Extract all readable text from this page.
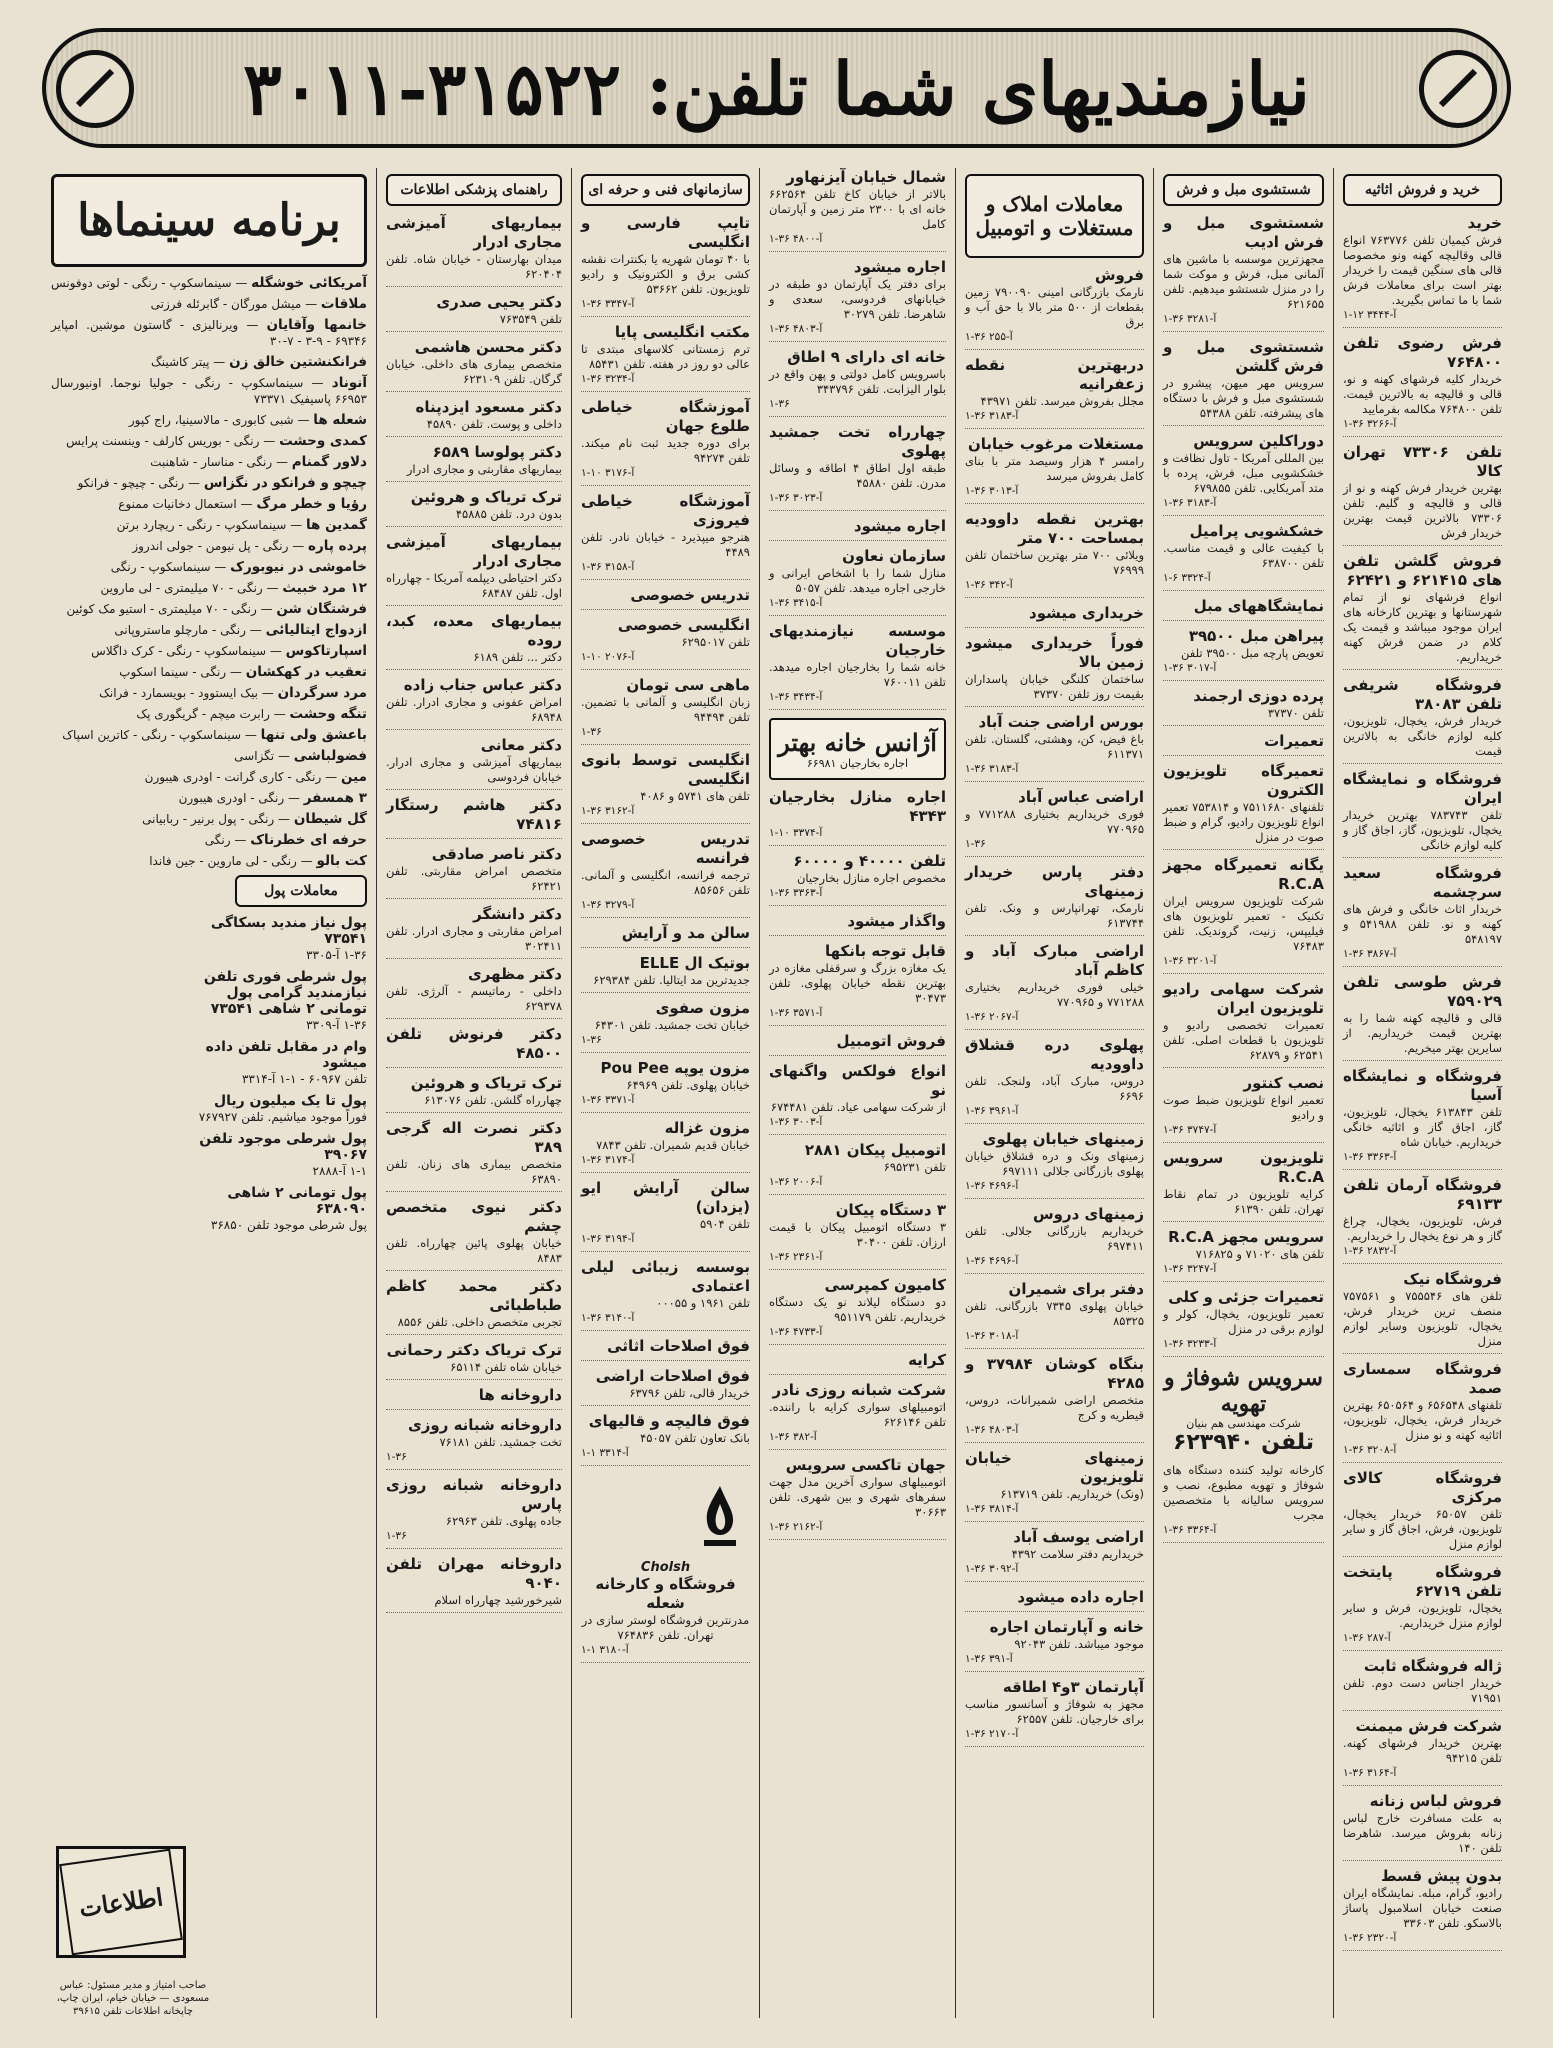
نیازمندیهای شما تلفن: ۳۱۵۲۲-۳۰۱۱
خرید و فروش اثاثیه
خرید
فرش کیمیان تلفن ۷۶۳۷۷۶ انواع قالی وقالیچه کهنه ونو مخصوصا قالی های سنگین قیمت را خریدار بهتر است برای معاملات فرش شما با ما تماس بگیرید.
۱-۱۲ آ-۳۴۴۴
فرش رضوی تلفن ۷۶۴۸۰۰
خریدار کلیه فرشهای کهنه و نو، قالی و قالیچه به بالاترین قیمت. تلفن ۷۶۴۸۰۰ مکالمه بفرمایید
۱-۳۶ آ-۳۲۶۶
تلفن ۷۳۳۰۶ تهران کالا
بهترین خریدار فرش کهنه و نو از قالی و قالیچه و گلیم. تلفن ۷۳۳۰۶ بالاترین قیمت بهترین خریدار فرش
فروش گلشن تلفن های ۶۲۱۴۱۵ و ۶۲۴۲۱
انواع فرشهای نو از تمام شهرستانها و بهترین کارخانه های ایران موجود میباشد و قیمت یک کلام در ضمن فرش کهنه خریداریم.
فروشگاه شریفی تلفن ۳۸۰۸۳
خریدار فرش، یخچال، تلویزیون، کلیه لوازم خانگی به بالاترین قیمت
فروشگاه و نمایشگاه ایران
تلفن ۷۸۳۷۴۳ بهترین خریدار یخچال، تلویزیون، گاز، اجاق گاز و کلیه لوازم خانگی
فروشگاه سعید سرچشمه
خریدار اثاث خانگی و فرش های کهنه و نو. تلفن ۵۴۱۹۸۸ و ۵۴۸۱۹۷
۱-۳۶ آ-۳۸۶۷
فرش طوسی تلفن ۷۵۹۰۲۹
قالی و قالیچه کهنه شما را به بهترین قیمت خریداریم. از سایرین بهتر میخریم.
فروشگاه و نمایشگاه آسیا
تلفن ۶۱۳۸۴۳ یخچال، تلویزیون، گاز، اجاق گاز و اثاثیه خانگی خریداریم. خیابان شاه
۱-۳۶ آ-۳۳۶۳
فروشگاه آرمان تلفن ۶۹۱۳۳
فرش، تلویزیون، یخچال، چراغ گاز و هر نوع یخچال را خریداریم.
۱-۳۶ آ-۲۸۳۲
فروشگاه نیک
تلفن های ۷۵۵۵۴۶ و ۷۵۷۵۶۱ منصف ترین خریدار فرش، یخچال، تلویزیون وسایر لوازم منزل
فروشگاه سمساری صمد
تلفنهای ۶۵۶۵۴۸ و ۶۵۰۵۶۴ بهترین خریدار فرش، یخچال، تلویزیون، اثاثیه کهنه و نو منزل
۱-۳۶ آ-۳۲۰۸
فروشگاه کالای مرکزی
تلفن ۶۵۰۵۷ خریدار یخچال، تلویزیون، فرش، اجاق گاز و سایر لوازم منزل
فروشگاه پایتخت تلفن ۶۲۷۱۹
یخچال، تلویزیون، فرش و سایر لوازم منزل خریداریم.
۱-۳۶ آ-۲۸۷
ژاله فروشگاه ثابت
خریدار اجناس دست دوم. تلفن ۷۱۹۵۱
شرکت فرش میمنت
بهترین خریدار فرشهای کهنه. تلفن ۹۴۲۱۵
۱-۳۶ آ-۳۱۶۴
فروش لباس زنانه
به علت مسافرت خارج لباس زنانه بفروش میرسد. شاهرضا تلفن ۱۴۰
بدون پیش قسط
رادیو، گرام، مبله. نمایشگاه ایران صنعت خیابان اسلامبول پاساژ بالاسکو. تلفن ۳۳۶۰۳
۱-۳۶ آ-۲۳۲۰
شستشوی مبل و فرش
شستشوی مبل و فرش ادیب
مجهزترین موسسه با ماشین های آلمانی مبل، فرش و موکت شما را در منزل شستشو میدهیم. تلفن ۶۲۱۶۵۵
۱-۳۶ آ-۳۲۸۱
شستشوی مبل و فرش گلشن
سرویس مهر میهن، پیشرو در شستشوی مبل و فرش با دستگاه های پیشرفته. تلفن ۵۴۳۸۸
دوراکلین سرویس
بین المللی آمریکا - تاول نظافت و خشکشویی مبل، فرش، پرده با متد آمریکایی. تلفن ۶۷۹۸۵۵
۱-۳۶ آ-۳۱۸۳
خشکشویی پرامیل
با کیفیت عالی و قیمت مناسب. تلفن ۶۳۸۷۰۰
۱-۶ آ-۳۳۲۴
نمایشگاههای مبل
پیراهن مبل ۳۹۵۰۰
تعویض پارچه مبل ۳۹۵۰۰ تلفن
۱-۳۶ آ-۳۰۱۷
پرده دوزی ارجمند
تلفن ۳۷۳۷۰
تعمیرات
تعمیرگاه تلویزیون الکترون
تلفنهای ۷۵۱۱۶۸۰ و ۷۵۳۸۱۴ تعمیر انواع تلویزیون رادیو، گرام و ضبط صوت در منزل
یگانه تعمیرگاه مجهز R.C.A
شرکت تلویزیون سرویس ایران تکنیک - تعمیر تلویزیون های فیلیپس، زنیت، گروندیک. تلفن ۷۶۴۸۳
۱-۳۶ آ-۳۲۰۱
شرکت سهامی رادیو تلویزیون ایران
تعمیرات تخصصی رادیو و تلویزیون با قطعات اصلی. تلفن ۶۲۵۴۱ و ۶۲۸۷۹
نصب کنتور
تعمیر انواع تلویزیون ضبط صوت و رادیو
۱-۳۶ آ-۳۷۴۷
تلویزیون سرویس R.C.A
کرایه تلویزیون در تمام نقاط تهران. تلفن ۶۱۳۹۰
سرویس مجهز R.C.A
تلفن های ۷۱۰۲۰ و ۷۱۶۸۲۵
۱-۳۶ آ-۳۲۴۷
تعمیرات جزئی و کلی
تعمیر تلویزیون، یخچال، کولر و لوازم برقی در منزل
۱-۳۶ آ-۳۲۳۳
سرویس شوفاژ و تهویه
شرکت مهندسی هم بنیان
تلفن ۶۲۳۹۴۰
کارخانه تولید کننده دستگاه های شوفاژ و تهویه مطبوع، نصب و سرویس سالیانه با متخصصین مجرب
۱-۳۶ آ-۳۳۶۴
معاملات املاک و مستغلات و اتومبیل
فروش
نارمک بازرگانی امینی ۷۹۰۰۹۰ زمین بقطعات از ۵۰۰ متر بالا با حق آب و برق
۱-۳۶ آ-۲۵۵
دربهترین نقطه زعفرانیه
مجلل بفروش میرسد. تلفن ۴۳۹۷۱
۱-۳۶ آ-۳۱۸۳
مستغلات مرغوب خیابان
رامسر ۴ هزار وسیصد متر با بنای کامل بفروش میرسد
۱-۳۶ آ-۳۰۱۳
بهترین نقطه داوودیه بمساحت ۷۰۰ متر
ویلائی ۷۰۰ متر بهترین ساختمان تلفن ۷۶۹۹۹
۱-۳۶ آ-۳۴۲
خریداری میشود
فوراً خریداری میشود زمین بالا
ساختمان کلنگی خیابان پاسداران بقیمت روز تلفن ۳۷۳۷۰
بورس اراضی جنت آباد
باغ فیض، کن، وهشتی، گلستان. تلفن ۶۱۱۳۷۱
۱-۳۶ آ-۳۱۸۳
اراضی عباس آباد
فوری خریداریم بختیاری ۷۷۱۲۸۸ و ۷۷۰۹۶۵
۱-۳۶
دفتر پارس خریدار زمینهای
نارمک، تهرانپارس و ونک. تلفن ۶۱۳۷۴۴
اراضی مبارک آباد و کاظم آباد
خیلی فوری خریداریم بختیاری ۷۷۱۲۸۸ و ۷۷۰۹۶۵
۱-۳۶ آ-۲۰۶۷
پهلوی دره قشلاق داوودیه
دروس، مبارک آباد، ولنجک. تلفن ۶۶۹۶
۱-۳۶ آ-۳۹۶۱
زمینهای خیابان پهلوی
زمینهای ونک و دره قشلاق خیابان پهلوی بازرگانی جلالی ۶۹۷۱۱۱
۱-۳۶ آ-۴۶۹۶
زمینهای دروس
خریداریم بازرگانی جلالی. تلفن ۶۹۷۴۱۱
۱-۳۶ آ-۴۶۹۶
دفتر برای شمیران
خیابان پهلوی ۷۳۴۵ بازرگانی. تلفن ۸۵۳۲۵
۱-۳۶ آ-۳۰۱۸
بنگاه کوشان ۳۷۹۸۴ و ۴۲۸۵
متخصص اراضی شمیرانات، دروس، قیطریه و کرج
۱-۳۶ آ-۴۸۰۳
زمینهای خیابان تلویزیون
(ونک) خریداریم. تلفن ۶۱۳۷۱۹
۱-۳۶ آ-۳۸۱۴
اراضی یوسف آباد
خریداریم دفتر سلامت ۴۳۹۲
۱-۳۶ آ-۳۰۹۲
اجاره داده میشود
خانه و آپارتمان اجاره
موجود میباشد. تلفن ۹۲۰۴۳
۱-۳۶ آ-۳۹۱
آپارتمان ۳و۴ اطاقه
مجهز به شوفاژ و آسانسور مناسب برای خارجیان. تلفن ۶۲۵۵۷
۱-۳۶ آ-۲۱۷۰
شمال خیابان آیزنهاور
بالاتر از خیابان کاخ تلفن ۶۶۲۵۶۴ خانه ای با ۲۳۰۰ متر زمین و آپارتمان کامل
۱-۳۶ آ-۴۸۰۰
اجاره میشود
برای دفتر یک آپارتمان دو طبقه در خیابانهای فردوسی، سعدی و شاهرضا. تلفن ۳۰۲۷۹
۱-۳۶ آ-۴۸۰۳
خانه ای دارای ۹ اطاق
باسرویس کامل دولتی و پهن واقع در بلوار الیزابت. تلفن ۳۴۳۷۹۶
۱-۳۶
چهارراه تخت جمشید پهلوی
طبقه اول اطاق ۴ اطاقه و وسائل مدرن. تلفن ۴۵۸۸۰
۱-۳۶ آ-۳۰۲۳
اجاره میشود
سازمان نعاون
منازل شما را با اشخاص ایرانی و خارجی اجاره میدهد. تلفن ۵۰۵۷
۱-۳۶ آ-۳۴۱۵
موسسه نیازمندیهای خارجیان
خانه شما را بخارجیان اجاره میدهد. تلفن ۷۶۰۰۱۱
۱-۳۶ آ-۳۴۳۴
آژانس خانه بهتر
اجاره بخارجیان ۶۶۹۸۱
اجاره منازل بخارجیان ۴۳۴۳
۱-۱۰ آ-۳۳۷۴
تلفن ۴۰۰۰۰ و ۶۰۰۰۰
مخصوص اجاره منازل بخارجیان
۱-۳۶ آ-۳۳۶۳
واگذار میشود
قابل توجه بانکها
یک مغازه بزرگ و سرقفلی مغازه در بهترین نقطه خیابان پهلوی. تلفن ۳۰۴۷۳
۱-۳۶ آ-۳۵۷۱
فروش اتومبیل
انواع فولکس واگنهای نو
از شرکت سهامی عیاد. تلفن ۶۷۴۴۸۱
۱-۳۶ آ-۳۰۰۳
اتومبیل پیکان ۲۸۸۱
تلفن ۶۹۵۲۳۱
۱-۳۶ آ-۲۰۰۶
۳ دستگاه پیکان
۳ دستگاه اتومبیل پیکان با قیمت ارزان. تلفن ۳۰۴۰۰
۱-۳۶ آ-۲۳۶۱
کامیون کمپرسی
دو دستگاه لیلاند نو یک دستگاه خریداریم. تلفن ۹۵۱۱۷۹
۱-۳۶ آ-۴۷۳۳
کرایه
شرکت شبانه روزی نادر
اتومبیلهای سواری کرایه با راننده. تلفن ۶۲۶۱۴۶
۱-۳۶ آ-۳۸۲
جهان تاکسی سرویس
اتومبیلهای سواری آخرین مدل جهت سفرهای شهری و بین شهری. تلفن ۳۰۶۶۳
۱-۳۶ آ-۲۱۶۲
سازمانهای فنی و حرفه ای
تایپ فارسی و انگلیسی
با ۴۰ تومان شهریه یا بکنترات نقشه کشی برق و الکترونیک و رادیو تلویزیون. تلفن ۵۳۶۶۲
۱-۳۶ آ-۳۳۴۷
مکتب انگلیسی پایا
ترم زمستانی کلاسهای مبتدی تا عالی دو روز در هفته. تلفن ۸۵۴۳۱
۱-۳۶ آ-۳۲۳۴
آموزشگاه خیاطی طلوع جهان
برای دوره جدید ثبت نام میکند. تلفن ۹۴۲۷۴
۱-۱۰ آ-۳۱۷۶
آموزشگاه خیاطی فیروزی
هنرجو میپذیرد - خیابان نادر. تلفن ۴۴۸۹
۱-۳۶ آ-۳۱۵۸
تدریس خصوصی
انگلیسی خصوصی
تلفن ۶۲۹۵۰۱۷
۱-۱۰ آ-۲۰۷۶
ماهی سی تومان
زبان انگلیسی و آلمانی با تضمین. تلفن ۹۴۴۹۴
۱-۳۶
انگلیسی توسط بانوی انگلیسی
تلفن های ۵۷۴۱ و ۴۰۸۶
۱-۳۶ آ-۳۱۶۲
تدریس خصوصی فرانسه
ترجمه فرانسه، انگلیسی و آلمانی. تلفن ۸۵۶۵۶
۱-۳۶ آ-۳۲۷۹
سالن مد و آرایش
بوتیک ال ELLE
جدیدترین مد ایتالیا. تلفن ۶۲۹۳۸۴
مزون صفوی
خیابان تخت جمشید. تلفن ۶۴۳۰۱
۱-۳۶
مزون یوپه Pou Pee
خیابان پهلوی. تلفن ۶۴۹۶۹
۱-۳۶ آ-۳۳۷۱
مزون غزاله
خیابان قدیم شمیران. تلفن ۷۸۴۳
۱-۳۶ آ-۳۱۷۴
سالن آرایش ایو (یزدان)
تلفن ۵۹۰۴
۱-۳۶ آ-۳۱۹۴
بوسسه زیبائی لیلی اعتمادی
تلفن ۱۹۶۱ و ۰۰۰۵۵
۱-۳۶ آ-۳۱۴۰
فوق اصلاحات اثاثی
فوق اصلاحات اراضی
خریدار قالی، تلفن ۶۳۷۹۶
فوق فالیچه و قالیهای
بانک تعاون تلفن ۴۵۰۵۷
۱-۱ آ-۳۳۱۴
Cholsh
فروشگاه و کارخانه شعله
مدرنترین فروشگاه لوستر سازی در تهران. تلفن ۷۶۴۸۳۶
۱-۱ آ-۳۱۸۰
راهنمای پزشکی اطلاعات
بیماریهای آمیزشی مجاری ادرار
میدان بهارستان - خیابان شاه. تلفن ۶۲۰۴۰۴
دکتر یحیی صدری
تلفن ۷۶۳۵۴۹
دکتر محسن هاشمی
متخصص بیماری های داخلی. خیابان گرگان. تلفن ۶۲۳۱۰۹
دکتر مسعود ایزدپناه
داخلی و پوست. تلفن ۴۵۸۹۰
دکتر پولوسا ۶۵۸۹
بیماریهای مقاربتی و مجاری ادرار
ترک تریاک و هروئین
بدون درد. تلفن ۴۵۸۸۵
بیماریهای آمیزشی مجاری ادرار
دکتر احتیاطی دیپلمه آمریکا - چهارراه اول. تلفن ۶۸۴۸۷
بیماریهای معده، کبد، روده
دکتر ... تلفن ۶۱۸۹
دکتر عباس جناب زاده
امراض عفونی و مجاری ادرار. تلفن ۶۸۹۴۸
دکتر معانی
بیماریهای آمیزشی و مجاری ادرار. خیابان فردوسی
دکتر هاشم رستگار ۷۴۸۱۶
دکتر ناصر صادقی
متخصص امراض مقاربتی. تلفن ۶۲۴۲۱
دکتر دانشگر
امراض مقاربتی و مجاری ادرار. تلفن ۳۰۲۴۱۱
دکتر مظهری
داخلی - رماتیسم - آلرژی. تلفن ۶۲۹۳۷۸
دکتر فرنوش تلفن ۴۸۵۰۰
ترک تریاک و هروئین
چهارراه گلشن. تلفن ۶۱۳۰۷۶
دکتر نصرت اله گرجی ۳۸۹
متخصص بیماری های زنان. تلفن ۶۳۸۹۰
دکتر نیوی متخصص چشم
خیابان پهلوی پائین چهارراه. تلفن ۸۴۸۳
دکتر محمد کاظم طباطبائی
تجربی متخصص داخلی. تلفن ۸۵۵۶
ترک تریاک دکتر رحمانی
خیابان شاه تلفن ۶۵۱۱۴
داروخانه ها
داروخانه شبانه روزی
تخت جمشید. تلفن ۷۶۱۸۱
۱-۳۶
داروخانه شبانه روزی پارس
جاده پهلوی. تلفن ۶۲۹۶۳
۱-۳۶
داروخانه مهران تلفن ۹۰۴۰
شیرخورشید چهارراه اسلام
برنامه سینماها
آمریکائی خوشگله — سینماسکوپ - رنگی - لوتی دوفونس
ملاقات — میشل مورگان - گابرئله فرزتی
خانمها وآقایان — ویرنالیزی - گاستون موشین. امپایر ۶۹۳۴۶ - ۹-۳ - ۷-۳۰
فرانکنشتین خالق زن — پیتر کاشینگ
آنوناد — سینماسکوپ - رنگی - جولیا نوجما. اونیورسال ۶۶۹۵۳ پاسیفیک ۷۳۳۷۱
شعله ها — شبی کابوری - مالاسینیا، راج کپور
کمدی وحشت — رنگی - بوریس کارلف - وینسنت پرایس
دلاور گمنام — رنگی - مناسار - شاهنبت
چیچو و فرانکو در نگزاس — رنگی - چیچو - فرانکو
رؤیا و خطر مرگ — استعمال دخانیات ممنوع
گمدین ها — سینماسکوپ - رنگی - ریچارد برتن
پرده پاره — رنگی - پل نیومن - جولی اندروز
خاموشی در نیوبورک — سینماسکوپ - رنگی
۱۲ مرد خبیث — رنگی - ۷۰ میلیمتری - لی ماروین
فرشتگان شن — رنگی - ۷۰ میلیمتری - استیو مک کوئین
ازدواج ایتالیائی — رنگی - مارچلو ماستروپانی
اسپارتاکوس — سینماسکوپ - رنگی - کرک داگلاس
تعقیب در کهکشان — رنگی - سینما اسکوپ
مرد سرگردان — بیک ایستوود - بویسمارد - فرانک
تنگه وحشت — رابرت میچم - گریگوری پک
باعشق ولی تنها — سینماسکوپ - رنگی - کاترین اسپاک
فضولباشی — تگزاسی
مین — رنگی - کاری گرانت - اودری هیبورن
۳ همسفر — رنگی - اودری هیبورن
گل شیطان — رنگی - پول برنیر - ربابیانی
حرفه ای خطرناک — رنگی
کت بالو — رنگی - لی ماروین - جین فاندا
معاملات پول
پول نیاز مندید بسکاگی ۷۳۵۴۱
۱-۳۶ آ-۳۳۰۵
پول شرطی فوری تلفن نیازمندید گرامی پول تومانی ۲ شاهی ۷۳۵۴۱
۱-۳۶ آ-۳۳۰۹
وام در مقابل تلفن داده میشود
تلفن ۶۰۹۶۷ - ۱-۱ آ-۳۳۱۴
پول تا یک میلیون ریال
فوراً موجود میاشیم. تلفن ۷۶۷۹۲۷
پول شرطی موجود تلفن ۳۹۰۶۷
۱-۱ آ-۲۸۸۸
پول تومانی ۲ شاهی ۶۳۸۰۹۰
پول شرطی موجود تلفن ۳۶۸۵۰
اطلاعات
صاحب امتیاز و مدیر مسئول: عباس مسعودی — خیابان خیام، ایران چاپ، چاپخانه اطلاعات تلفن ۳۹۶۱۵
